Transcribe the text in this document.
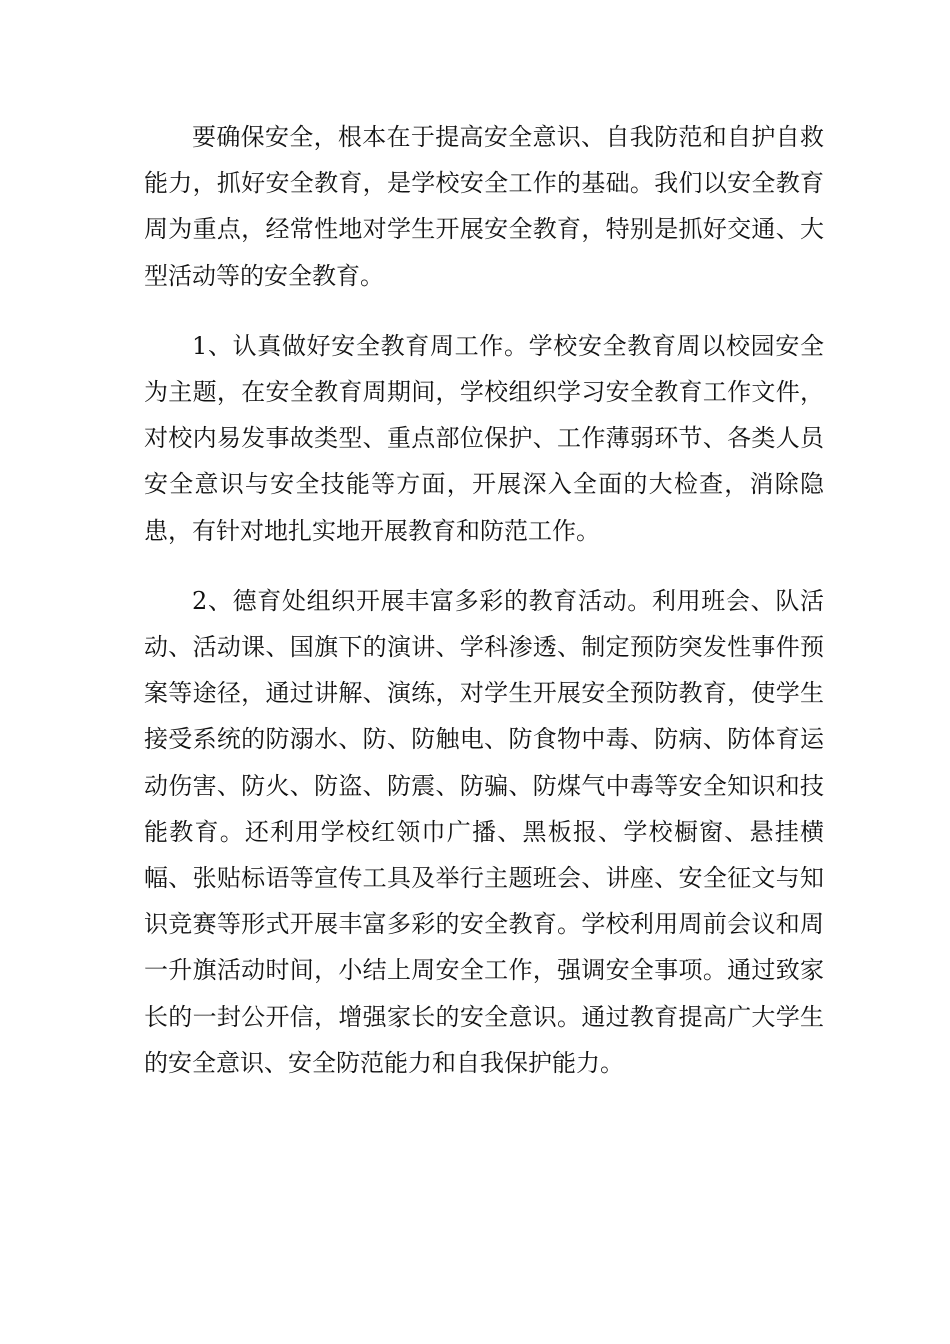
要确保安全，根本在于提高安全意识、自我防范和自护自救能力，抓好安全教育，是学校安全工作的基础。我们以安全教育周为重点，经常性地对学生开展安全教育，特别是抓好交通、大型活动等的安全教育。

1、认真做好安全教育周工作。学校安全教育周以校园安全为主题，在安全教育周期间，学校组织学习安全教育工作文件，对校内易发事故类型、重点部位保护、工作薄弱环节、各类人员安全意识与安全技能等方面，开展深入全面的大检查，消除隐患，有针对地扎实地开展教育和防范工作。

2、德育处组织开展丰富多彩的教育活动。利用班会、队活动、活动课、国旗下的演讲、学科渗透、制定预防突发性事件预案等途径，通过讲解、演练，对学生开展安全预防教育，使学生接受系统的防溺水、防、防触电、防食物中毒、防病、防体育运动伤害、防火、防盗、防震、防骗、防煤气中毒等安全知识和技能教育。还利用学校红领巾广播、黑板报、学校橱窗、悬挂横幅、张贴标语等宣传工具及举行主题班会、讲座、安全征文与知识竞赛等形式开展丰富多彩的安全教育。学校利用周前会议和周一升旗活动时间，小结上周安全工作，强调安全事项。通过致家长的一封公开信，增强家长的安全意识。通过教育提高广大学生的安全意识、安全防范能力和自我保护能力。
